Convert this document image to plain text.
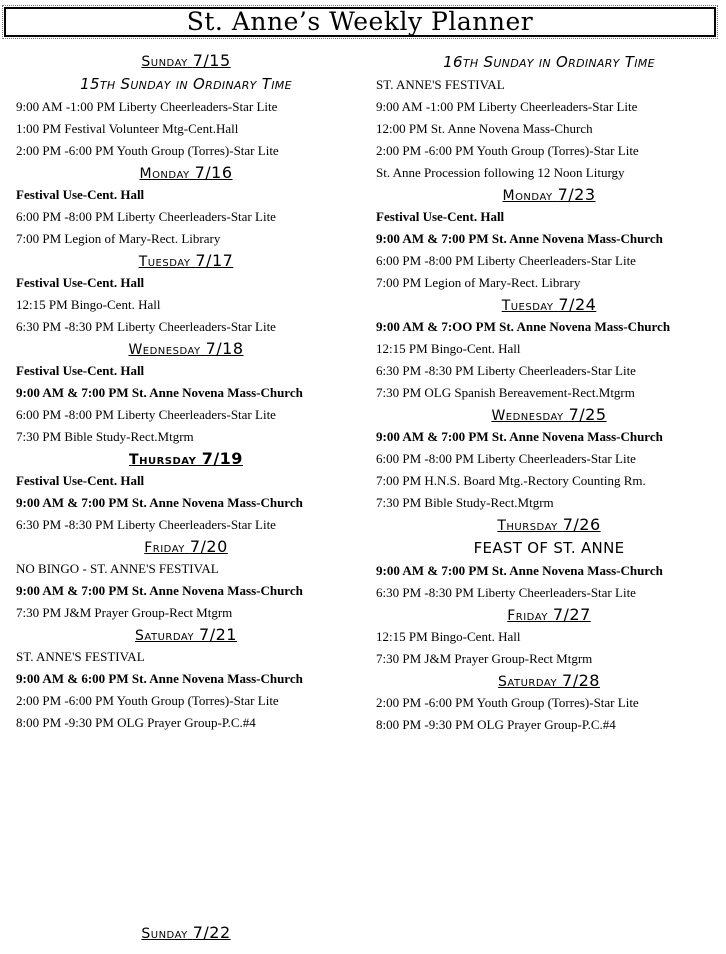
St. Anne’s Weekly Planner
Sunday 7/15
15th Sunday in Ordinary Time
9:00 AM -1:00 PM Liberty Cheerleaders-Star Lite
1:00 PM Festival Volunteer Mtg-Cent.Hall
2:00 PM -6:00 PM Youth Group (Torres)-Star Lite
Monday 7/16
Festival Use-Cent. Hall
6:00 PM -8:00 PM Liberty Cheerleaders-Star Lite
7:00 PM Legion of Mary-Rect. Library
Tuesday 7/17
Festival Use-Cent. Hall
12:15 PM Bingo-Cent. Hall
6:30 PM -8:30 PM Liberty Cheerleaders-Star Lite
Wednesday 7/18
Festival Use-Cent. Hall
9:00 AM & 7:00 PM St. Anne Novena Mass-Church
6:00 PM -8:00 PM Liberty Cheerleaders-Star Lite
7:30 PM Bible Study-Rect.Mtgrm
Thursday 7/19
Festival Use-Cent. Hall
9:00 AM & 7:00 PM St. Anne Novena Mass-Church
6:30 PM -8:30 PM Liberty Cheerleaders-Star Lite
Friday 7/20
NO BINGO - ST. ANNE'S FESTIVAL
9:00 AM & 7:00 PM St. Anne Novena Mass-Church
7:30 PM J&M Prayer Group-Rect Mtgrm
Saturday 7/21
ST. ANNE'S FESTIVAL
9:00 AM & 6:00 PM St. Anne Novena Mass-Church
2:00 PM -6:00 PM Youth Group (Torres)-Star Lite
8:00 PM -9:30 PM OLG Prayer Group-P.C.#4
16th Sunday in Ordinary Time
ST. ANNE'S FESTIVAL
9:00 AM -1:00 PM Liberty Cheerleaders-Star Lite
12:00 PM St. Anne Novena Mass-Church
2:00 PM -6:00 PM Youth Group (Torres)-Star Lite
St. Anne Procession following 12 Noon Liturgy
Monday 7/23
Festival Use-Cent. Hall
9:00 AM & 7:00 PM St. Anne Novena Mass-Church
6:00 PM -8:00 PM Liberty Cheerleaders-Star Lite
7:00 PM Legion of Mary-Rect. Library
Tuesday 7/24
9:00 AM & 7:OO PM St. Anne Novena Mass-Church
12:15 PM Bingo-Cent. Hall
6:30 PM -8:30 PM Liberty Cheerleaders-Star Lite
7:30 PM OLG Spanish Bereavement-Rect.Mtgrm
Wednesday 7/25
9:00 AM & 7:00 PM St. Anne Novena Mass-Church
6:00 PM -8:00 PM Liberty Cheerleaders-Star Lite
7:00 PM H.N.S. Board Mtg.-Rectory Counting Rm.
7:30 PM Bible Study-Rect.Mtgrm
Thursday 7/26
FEAST OF ST. ANNE
9:00 AM & 7:00 PM St. Anne Novena Mass-Church
6:30 PM -8:30 PM Liberty Cheerleaders-Star Lite
Friday 7/27
12:15 PM Bingo-Cent. Hall
7:30 PM J&M Prayer Group-Rect Mtgrm
Saturday 7/28
2:00 PM -6:00 PM Youth Group (Torres)-Star Lite
8:00 PM -9:30 PM OLG Prayer Group-P.C.#4
Sunday 7/22
